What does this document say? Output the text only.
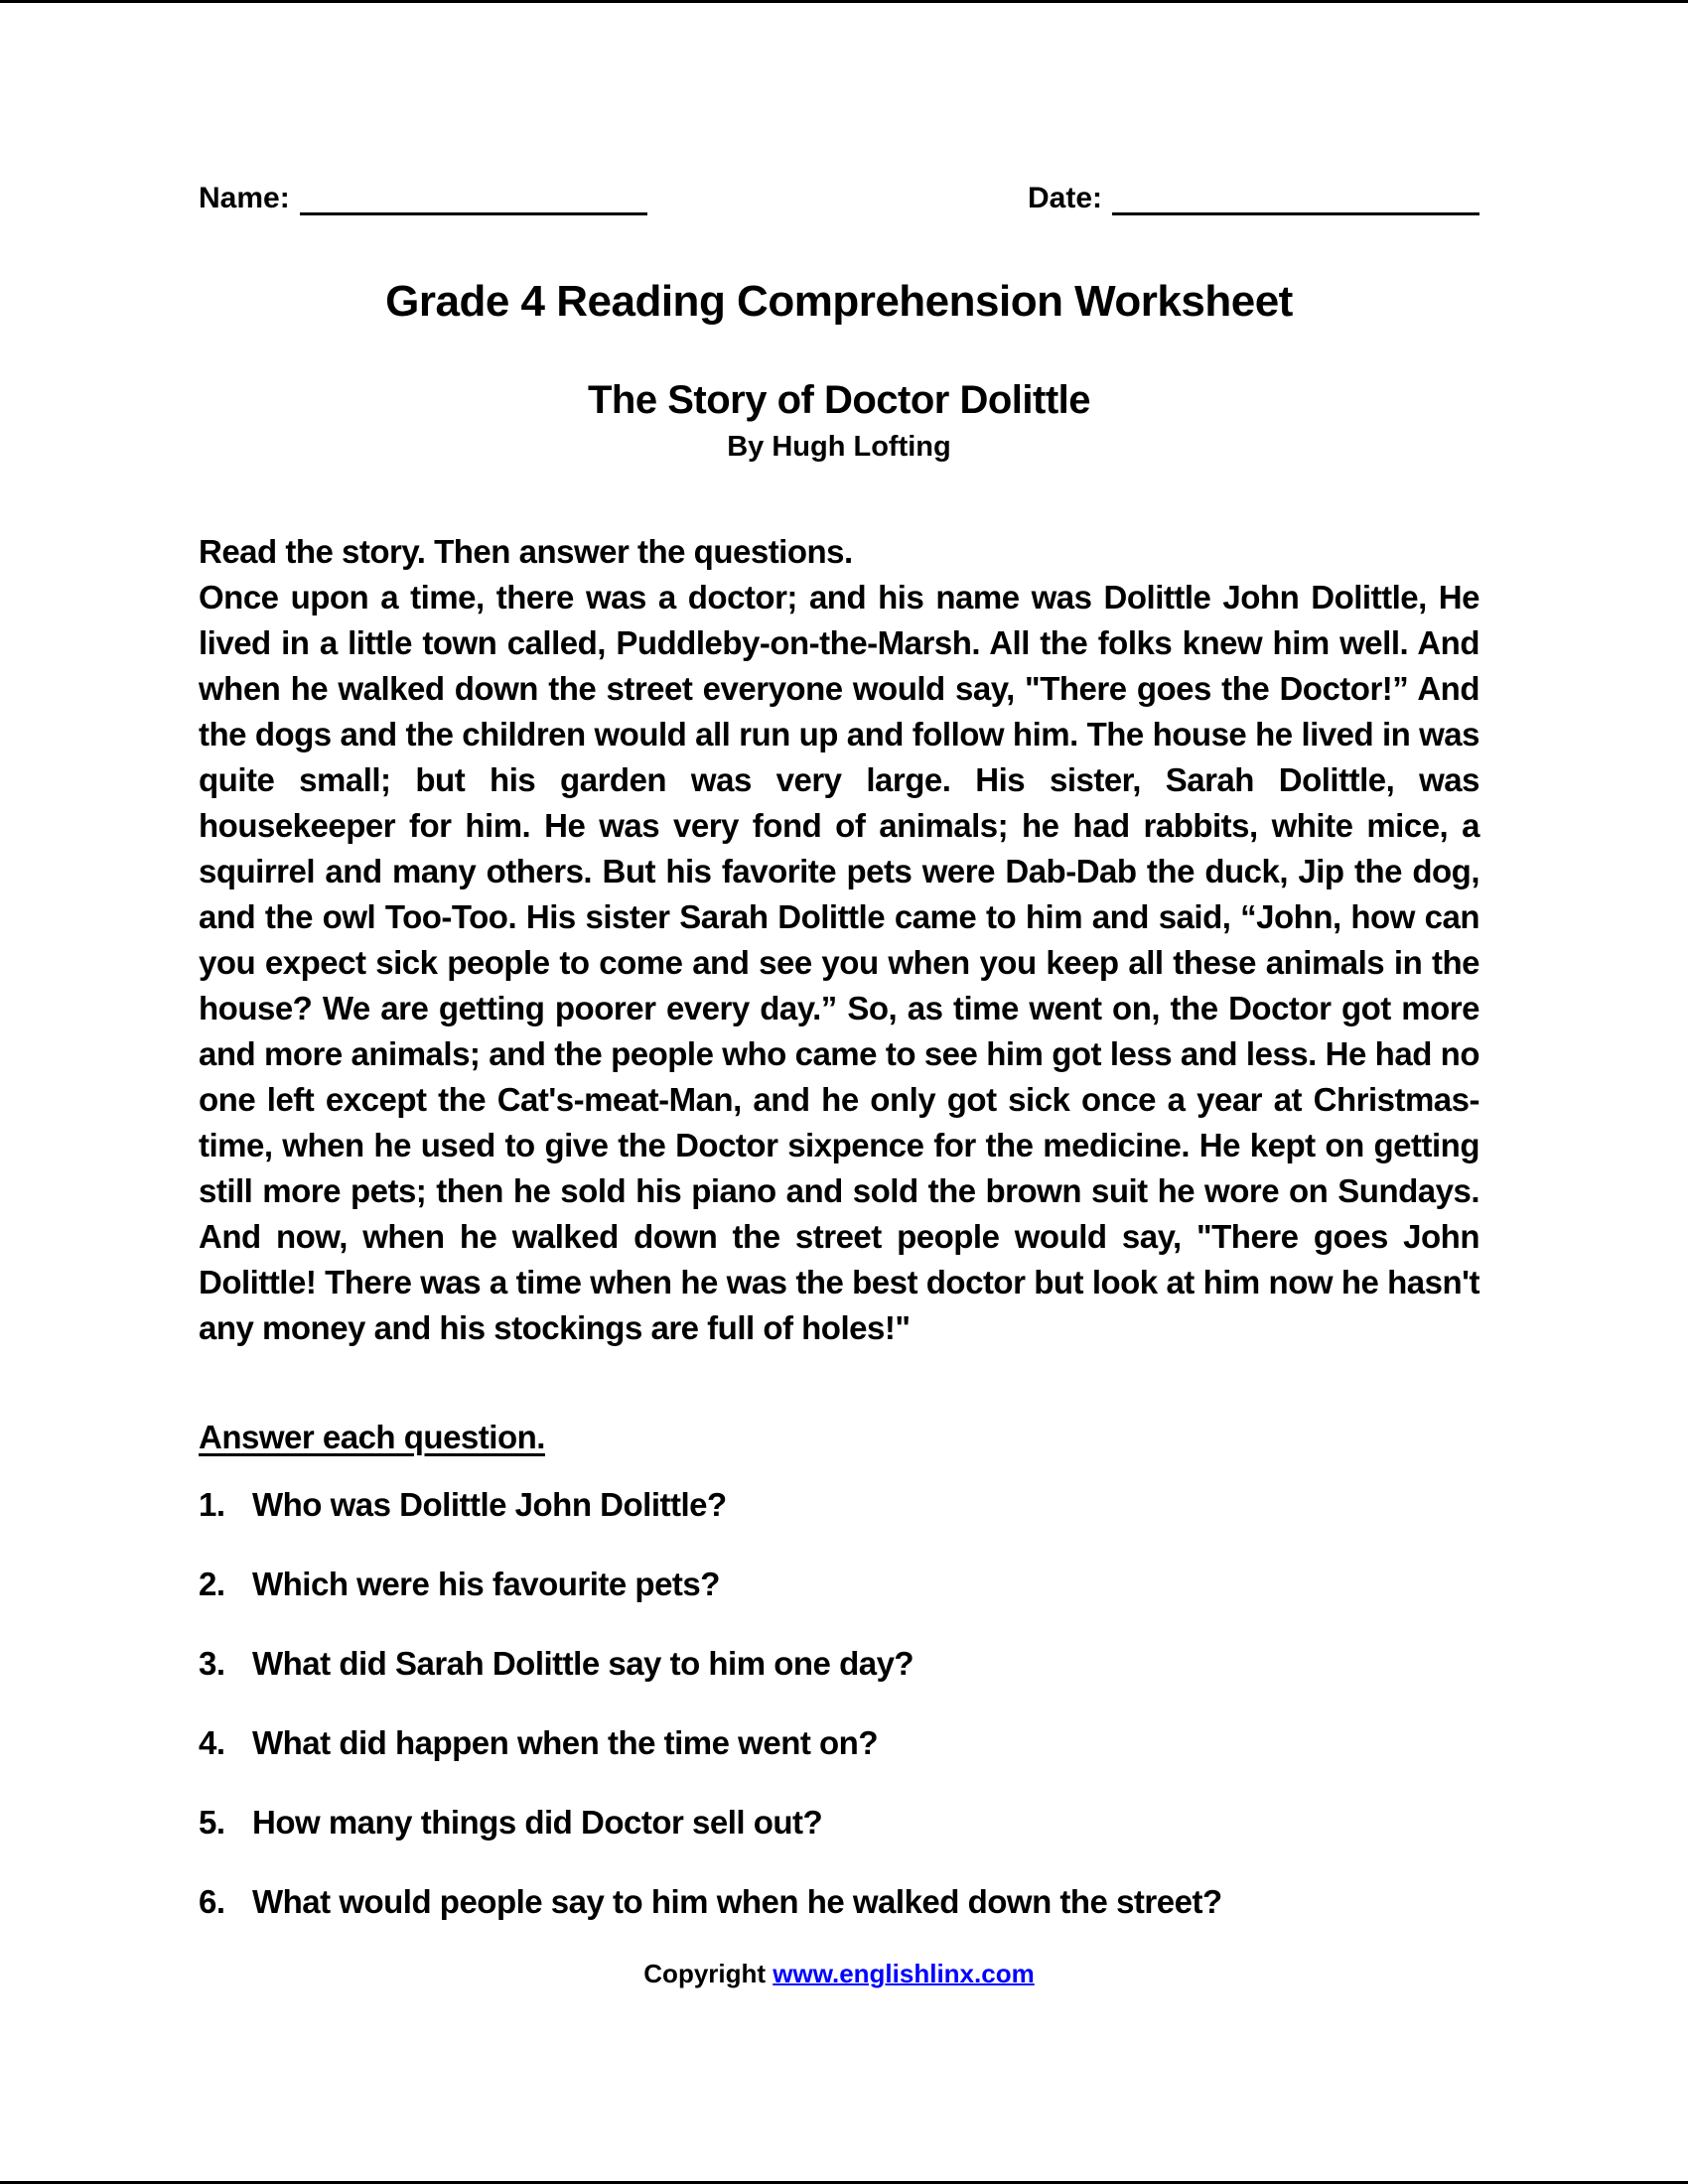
Name:	Date:
Grade 4 Reading Comprehension Worksheet
The Story of Doctor Dolittle
By Hugh Lofting
Read the story. Then answer the questions.

Once upon a time, there was a doctor; and his name was Dolittle John Dolittle, He lived in a little town called, Puddleby-on-the-Marsh. All the folks knew him well. And when he walked down the street everyone would say, "There goes the Doctor!” And the dogs and the children would all run up and follow him. The house he lived in was quite small; but his garden was very large. His sister, Sarah Dolittle, was housekeeper for him. He was very fond of animals; he had rabbits, white mice, a squirrel and many others. But his favorite pets were Dab-Dab the duck, Jip the dog, and the owl Too-Too. His sister Sarah Dolittle came to him and said, “John, how can you expect sick people to come and see you when you keep all these animals in the house? We are getting poorer every day.” So, as time went on, the Doctor got more and more animals; and the people who came to see him got less and less. He had no one left except the Cat's-meat-Man, and he only got sick once a year at Christmas-time, when he used to give the Doctor sixpence for the medicine. He kept on getting still more pets; then he sold his piano and sold the brown suit he wore on Sundays. And now, when he walked down the street people would say, "There goes John Dolittle! There was a time when he was the best doctor but look at him now he hasn't any money and his stockings are full of holes!"

Answer each question.
1. Who was Dolittle John Dolittle?
2. Which were his favourite pets?
3. What did Sarah Dolittle say to him one day?
4. What did happen when the time went on?
5. How many things did Doctor sell out?
6. What would people say to him when he walked down the street?
Copyright www.englishlinx.com
